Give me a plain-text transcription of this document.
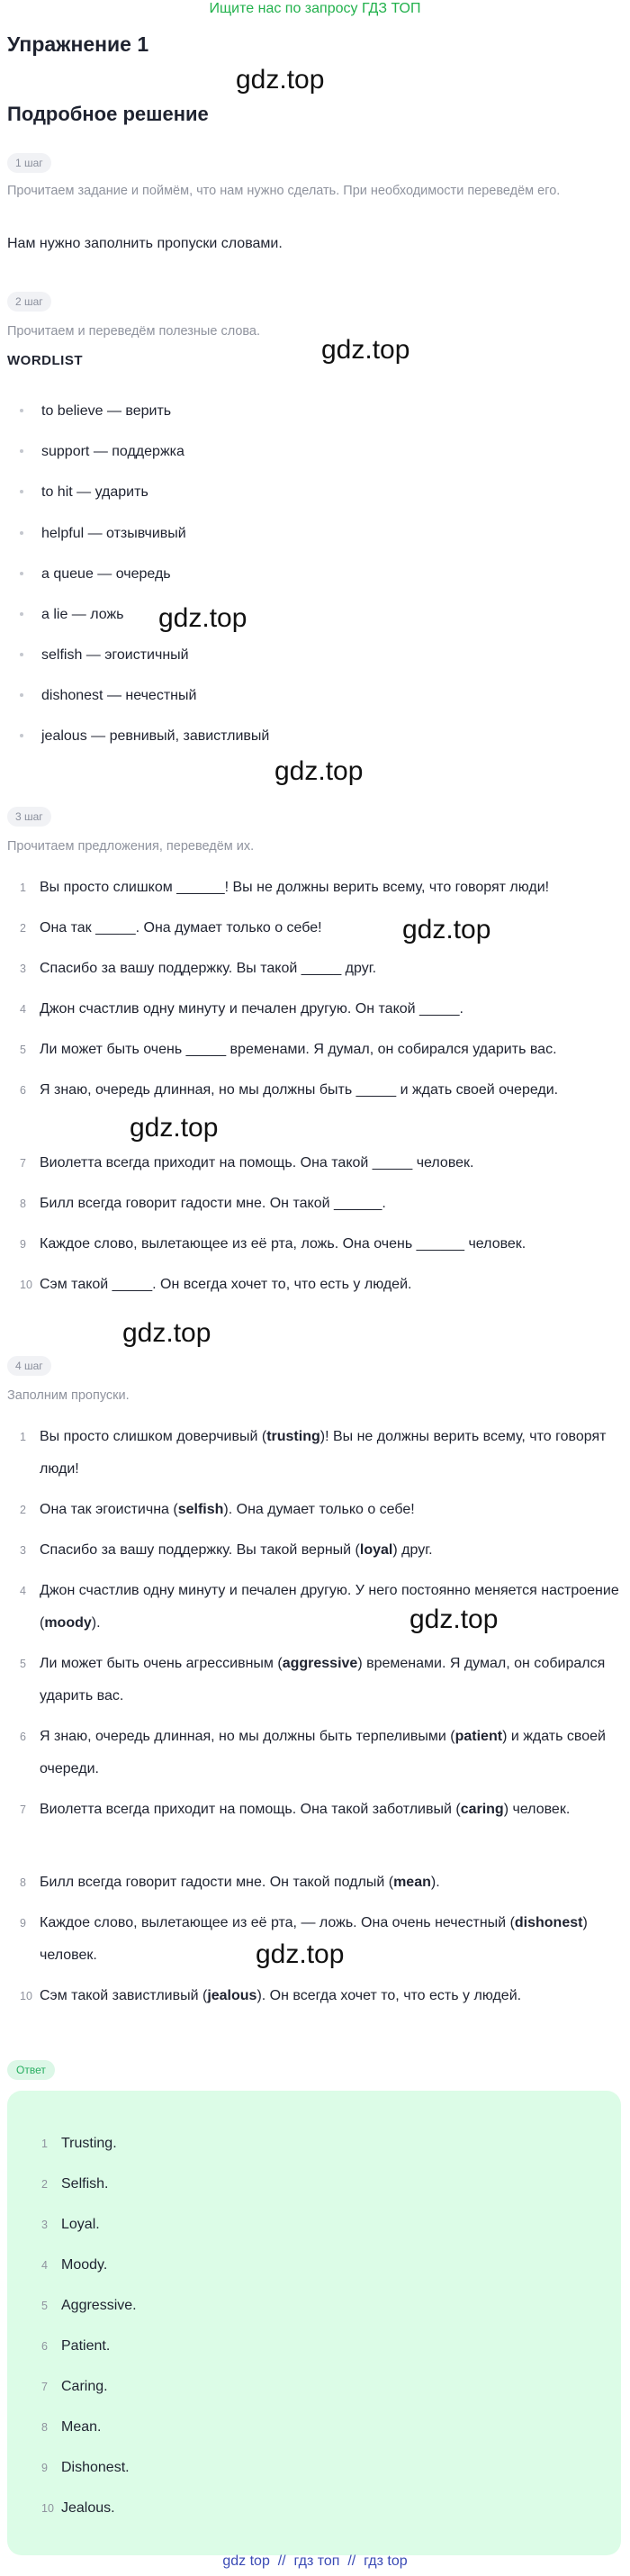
Ищите нас по запросу ГДЗ ТОП
Упражнение 1
Подробное решение
gdz.top
gdz.top
gdz.top
gdz.top
gdz.top
gdz.top
gdz.top
gdz.top
gdz.top
1 шаг
Прочитаем задание и поймём, что нам нужно сделать. При необходимости переведём его.
Нам нужно заполнить пропуски словами.
2 шаг
Прочитаем и переведём полезные слова.
WORDLIST
to believe — верить
support — поддержка
to hit — ударить
helpful — отзывчивый
a queue — очередь
a lie — ложь
selfish — эгоистичный
dishonest — нечестный
jealous — ревнивый, завистливый
3 шаг
Прочитаем предложения, переведём их.
1 Вы просто слишком ______! Вы не должны верить всему, что говорят люди!
2 Она так _____. Она думает только о себе!
3 Спасибо за вашу поддержку. Вы такой _____ друг.
4 Джон счастлив одну минуту и печален другую. Он такой _____.
5 Ли может быть очень _____ временами. Я думал, он собирался ударить вас.
6 Я знаю, очередь длинная, но мы должны быть _____ и ждать своей очереди.
7 Виолетта всегда приходит на помощь. Она такой _____ человек.
8 Билл всегда говорит гадости мне. Он такой ______.
9 Каждое слово, вылетающее из её рта, ложь. Она очень ______ человек.
10 Сэм такой _____. Он всегда хочет то, что есть у людей.
4 шаг
Заполним пропуски.
1 Вы просто слишком доверчивый (trusting)! Вы не должны верить всему, что говорят люди!
2 Она так эгоистична (selfish). Она думает только о себе!
3 Спасибо за вашу поддержку. Вы такой верный (loyal) друг.
4 Джон счастлив одну минуту и печален другую. У него постоянно меняется настроение (moody).
5 Ли может быть очень агрессивным (aggressive) временами. Я думал, он собирался ударить вас.
6 Я знаю, очередь длинная, но мы должны быть терпеливыми (patient) и ждать своей очереди.
7 Виолетта всегда приходит на помощь. Она такой заботливый (caring) человек.
8 Билл всегда говорит гадости мне. Он такой подлый (mean).
9 Каждое слово, вылетающее из её рта, — ложь. Она очень нечестный (dishonest) человек.
10 Сэм такой завистливый (jealous). Он всегда хочет то, что есть у людей.
Ответ
1 Trusting.
2 Selfish.
3 Loyal.
4 Moody.
5 Aggressive.
6 Patient.
7 Caring.
8 Mean.
9 Dishonest.
10 Jealous.
gdz top // гдз топ // гдз top
